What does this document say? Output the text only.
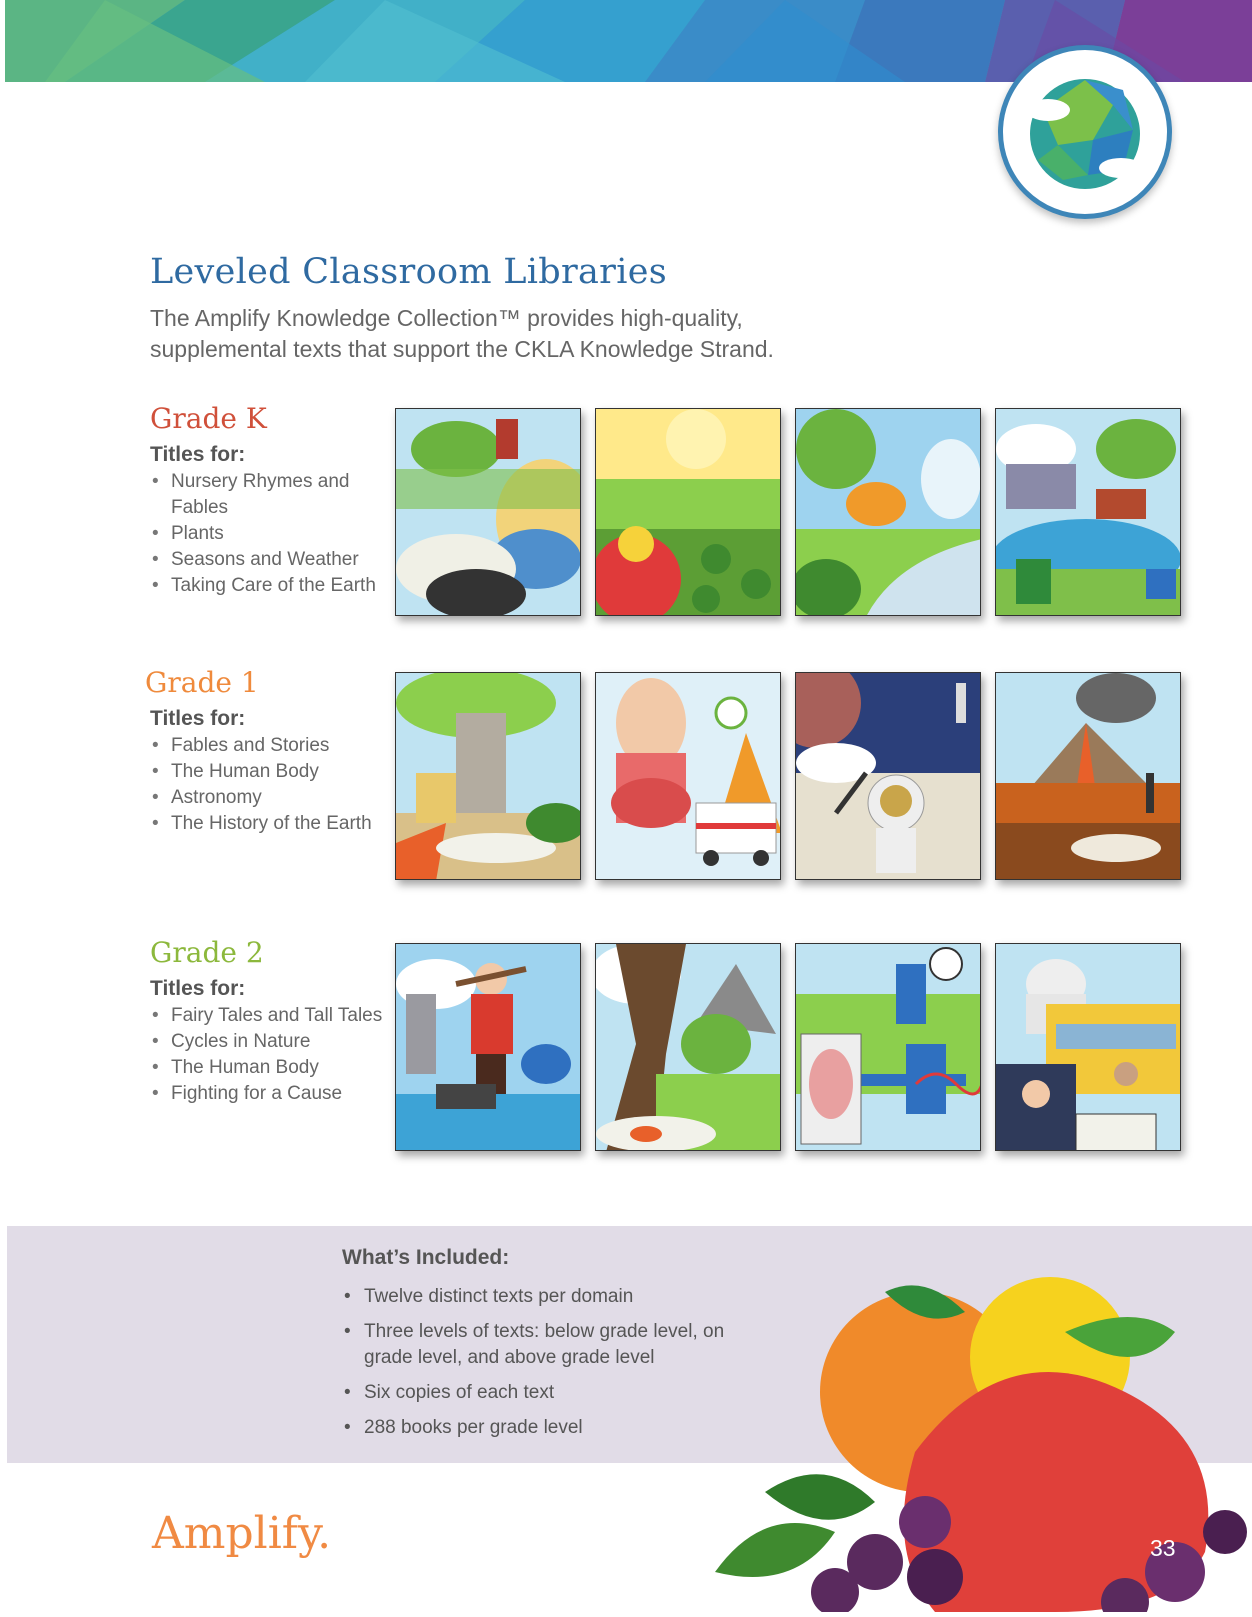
Leveled Classroom Libraries

The Amplify Knowledge Collection™ provides high-quality, supplemental texts that support the CKLA Knowledge Strand.

Grade K
Titles for:
• Nursery Rhymes and Fables
• Plants
• Seasons and Weather
• Taking Care of the Earth
Grade 1
Titles for:
• Fables and Stories
• The Human Body
• Astronomy
• The History of the Earth
Grade 2
Titles for:
• Fairy Tales and Tall Tales
• Cycles in Nature
• The Human Body
• Fighting for a Cause
What’s Included:
• Twelve distinct texts per domain
• Three levels of texts: below grade level, on grade level, and above grade level
• Six copies of each text
• 288 books per grade level
Amplify.	33
